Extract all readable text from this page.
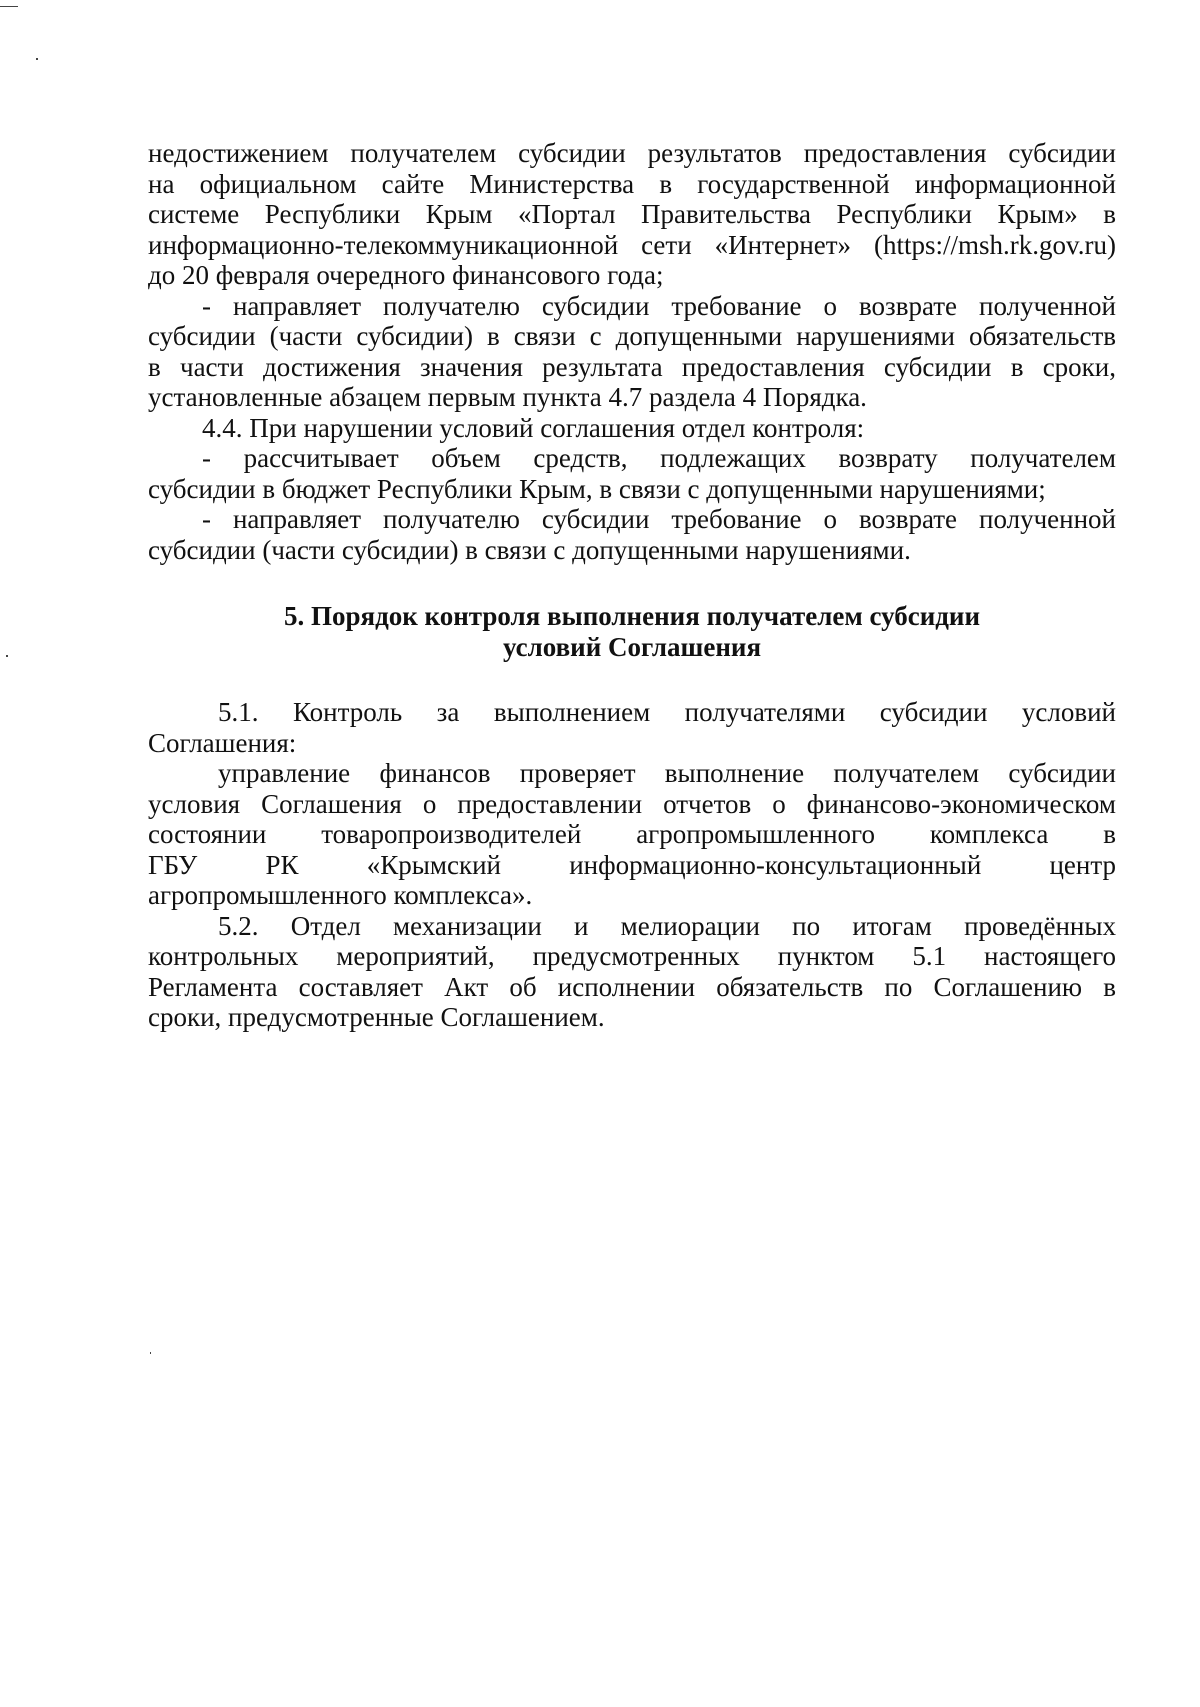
недостижением получателем субсидии результатов предоставления субсидии
на официальном сайте Министерства в государственной информационной
системе Республики Крым «Портал Правительства Республики Крым» в
информационно-телекоммуникационной сети «Интернет» (https://msh.rk.gov.ru)
до 20 февраля очередного финансового года;
- направляет получателю субсидии требование о возврате полученной
субсидии (части субсидии) в связи с допущенными нарушениями обязательств
в части достижения значения результата предоставления субсидии в сроки,
установленные абзацем первым пункта 4.7 раздела 4 Порядка.
4.4. При нарушении условий соглашения отдел контроля:
- рассчитывает объем средств, подлежащих возврату получателем
субсидии в бюджет Республики Крым, в связи с допущенными нарушениями;
- направляет получателю субсидии требование о возврате полученной
субсидии (части субсидии) в связи с допущенными нарушениями.
5. Порядок контроля выполнения получателем субсидии
условий Соглашения
5.1. Контроль за выполнением получателями субсидии условий
Соглашения:
управление финансов проверяет выполнение получателем субсидии
условия Соглашения о предоставлении отчетов о финансово-экономическом
состоянии товаропроизводителей агропромышленного комплекса в
ГБУ РК «Крымский информационно-консультационный центр
агропромышленного комплекса».
5.2. Отдел механизации и мелиорации по итогам проведённых
контрольных мероприятий, предусмотренных пунктом 5.1 настоящего
Регламента составляет Акт об исполнении обязательств по Соглашению в
сроки, предусмотренные Соглашением.
